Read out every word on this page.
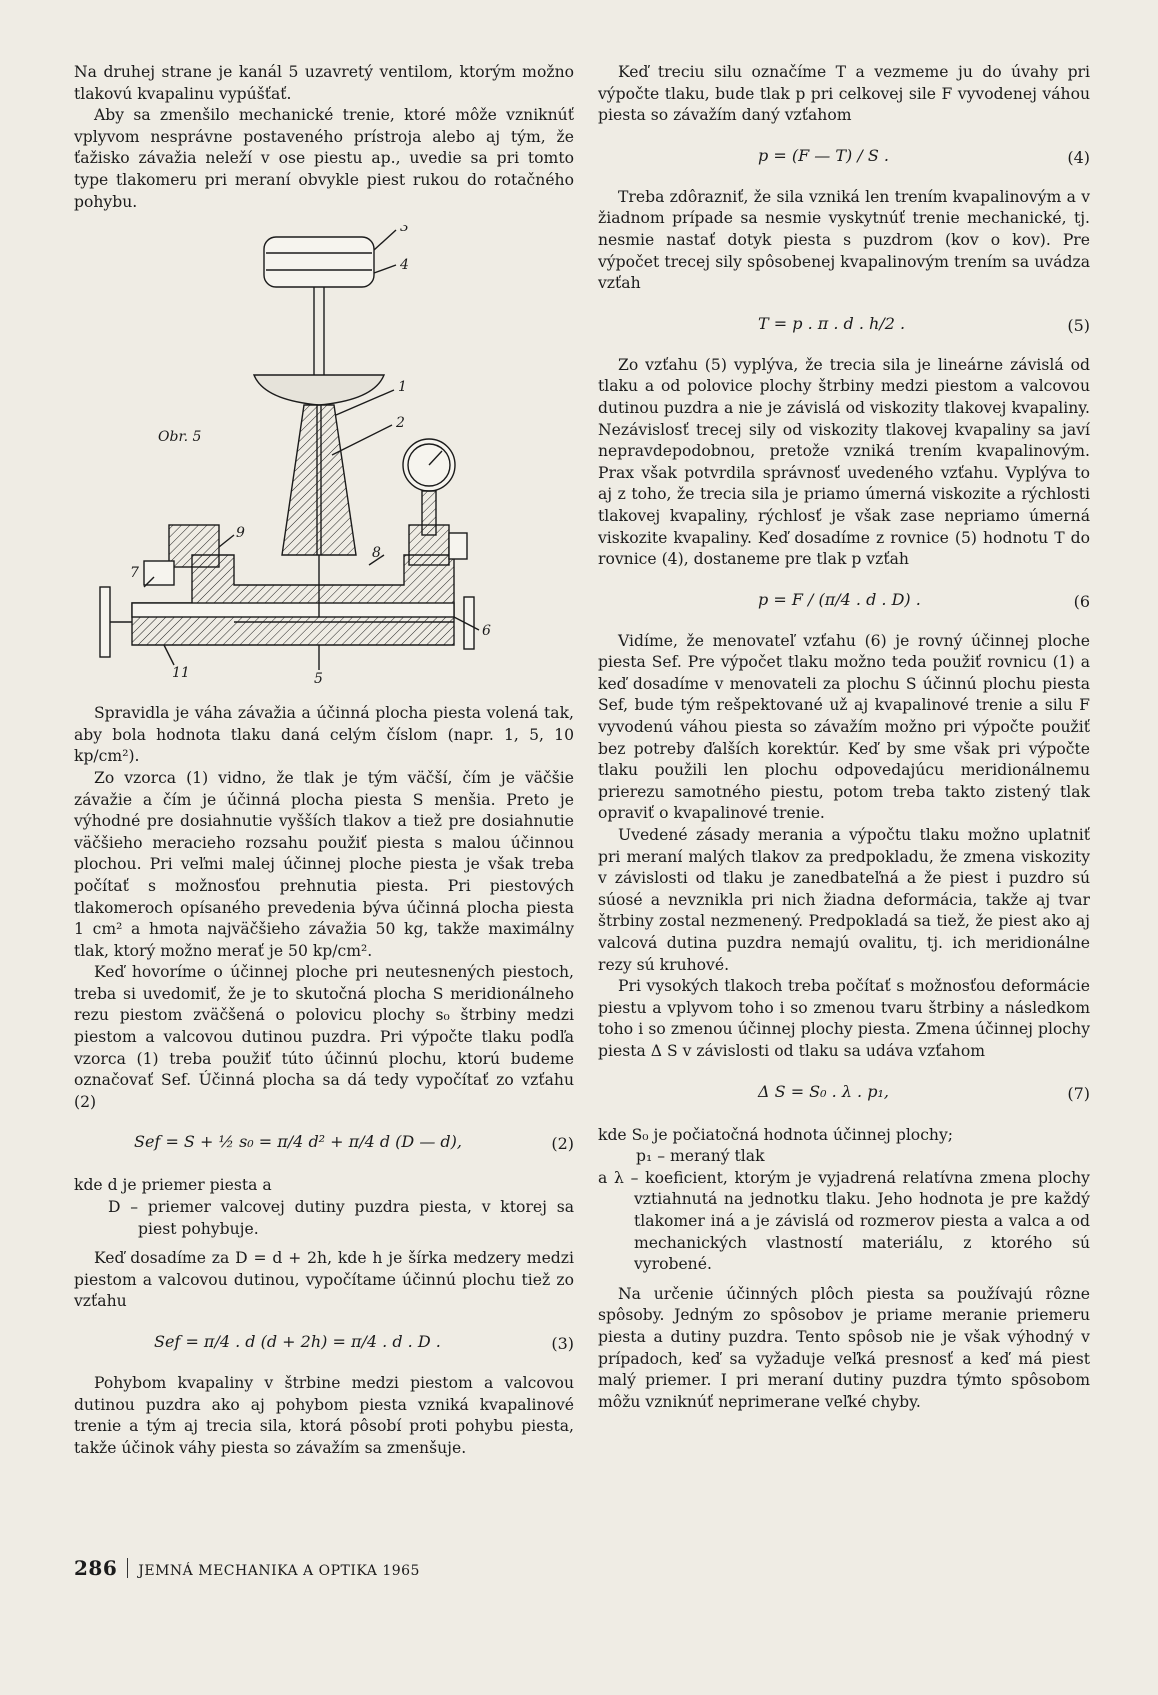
Na druhej strane je kanál 5 uzavretý ventilom, ktorým možno tlakovú kvapalinu vypúšťať.

Aby sa zmenšilo mechanické trenie, ktoré môže vzniknúť vplyvom nesprávne postaveného prístroja alebo aj tým, že ťažisko závažia neleží v ose piestu ap., uvedie sa pri tomto type tlakomeru pri meraní obvykle piest rukou do rotačného pohybu.

3
4
1
2
9
7
8
6
11	5
Obr. 5

Spravidla je váha závažia a účinná plocha piesta volená tak, aby bola hodnota tlaku daná celým číslom (napr. 1, 5, 10 kp/cm²).

Zo vzorca (1) vidno, že tlak je tým väčší, čím je väčšie závažie a čím je účinná plocha piesta S menšia. Preto je výhodné pre dosiahnutie vyšších tlakov a tiež pre dosiahnutie väčšieho meracieho rozsahu použiť piesta s malou účinnou plochou. Pri veľmi malej účinnej ploche piesta je však treba počítať s možnosťou prehnutia piesta. Pri piestových tlakomeroch opísaného prevedenia býva účinná plocha piesta 1 cm² a hmota najväčšieho závažia 50 kg, takže maximálny tlak, ktorý možno merať je 50 kp/cm².

Keď hovoríme o účinnej ploche pri neutesnených piestoch, treba si uvedomiť, že je to skutočná plocha S meridionálneho rezu piestom zväčšená o polovicu plochy s₀ štrbiny medzi piestom a valcovou dutinou puzdra. Pri výpočte tlaku podľa vzorca (1) treba použiť túto účinnú plochu, ktorú budeme označovať Sef. Účinná plocha sa dá tedy vypočítať zo vzťahu (2)

Sef = S + ½ s₀ = π/4 d² + π/4 d (D — d),	(2)
kde d je priemer piesta a
D – priemer valcovej dutiny puzdra piesta, v ktorej sa piest pohybuje.

Keď dosadíme za D = d + 2h, kde h je šírka medzery medzi piestom a valcovou dutinou, vypočítame účinnú plochu tiež zo vzťahu

Sef = π/4 . d (d + 2h) = π/4 . d . D .	(3)

Pohybom kvapaliny v štrbine medzi piestom a valcovou dutinou puzdra ako aj pohybom piesta vzniká kvapalinové trenie a tým aj trecia sila, ktorá pôsobí proti pohybu piesta, takže účinok váhy piesta so závažím sa zmenšuje.

Keď treciu silu označíme T a vezmeme ju do úvahy pri výpočte tlaku, bude tlak p pri celkovej sile F vyvodenej váhou piesta so závažím daný vzťahom

p = (F — T) / S .	(4)

Treba zdôrazniť, že sila vzniká len trením kvapalinovým a v žiadnom prípade sa nesmie vyskytnúť trenie mechanické, tj. nesmie nastať dotyk piesta s puzdrom (kov o kov). Pre výpočet trecej sily spôsobenej kvapalinovým trením sa uvádza vzťah

T = p . π . d . h/2 .	(5)

Zo vzťahu (5) vyplýva, že trecia sila je lineárne závislá od tlaku a od polovice plochy štrbiny medzi piestom a valcovou dutinou puzdra a nie je závislá od viskozity tlakovej kvapaliny. Nezávislosť trecej sily od viskozity tlakovej kvapaliny sa javí nepravdepodobnou, pretože vzniká trením kvapalinovým. Prax však potvrdila správnosť uvedeného vzťahu. Vyplýva to aj z toho, že trecia sila je priamo úmerná viskozite a rýchlosti tlakovej kvapaliny, rýchlosť je však zase nepriamo úmerná viskozite kvapaliny. Keď dosadíme z rovnice (5) hodnotu T do rovnice (4), dostaneme pre tlak p vzťah

p = F / (π/4 . d . D) .	(6

Vidíme, že menovateľ vzťahu (6) je rovný účinnej ploche piesta Sef. Pre výpočet tlaku možno teda použiť rovnicu (1) a keď dosadíme v menovateli za plochu S účinnú plochu piesta Sef, bude tým rešpektované už aj kvapalinové trenie a silu F vyvodenú váhou piesta so závažím možno pri výpočte použiť bez potreby ďalších korektúr. Keď by sme však pri výpočte tlaku použili len plochu odpovedajúcu meridionálnemu prierezu samotného piestu, potom treba takto zistený tlak opraviť o kvapalinové trenie.

Uvedené zásady merania a výpočtu tlaku možno uplatniť pri meraní malých tlakov za predpokladu, že zmena viskozity v závislosti od tlaku je zanedbateľná a že piest i puzdro sú súosé a nevznikla pri nich žiadna deformácia, takže aj tvar štrbiny zostal nezmenený. Predpokladá sa tiež, že piest ako aj valcová dutina puzdra nemajú ovalitu, tj. ich meridionálne rezy sú kruhové.

Pri vysokých tlakoch treba počítať s možnosťou deformácie piestu a vplyvom toho i so zmenou tvaru štrbiny a následkom toho i so zmenou účinnej plochy piesta. Zmena účinnej plochy piesta Δ S v závislosti od tlaku sa udáva vzťahom

Δ S = S₀ . λ . p₁,	(7)
kde S₀ je počiatočná hodnota účinnej plochy;
p₁ – meraný tlak
a λ – koeficient, ktorým je vyjadrená relatívna zmena plochy vztiahnutá na jednotku tlaku. Jeho hodnota je pre každý tlakomer iná a je závislá od rozmerov piesta a valca a od mechanických vlastností materiálu, z ktorého sú vyrobené.

Na určenie účinných plôch piesta sa používajú rôzne spôsoby. Jedným zo spôsobov je priame meranie priemeru piesta a dutiny puzdra. Tento spôsob nie je však výhodný v prípadoch, keď sa vyžaduje veľká presnosť a keď má piest malý priemer. I pri meraní dutiny puzdra týmto spôsobom môžu vzniknúť neprimerane veľké chyby.

286 JEMNÁ MECHANIKA A OPTIKA 1965
